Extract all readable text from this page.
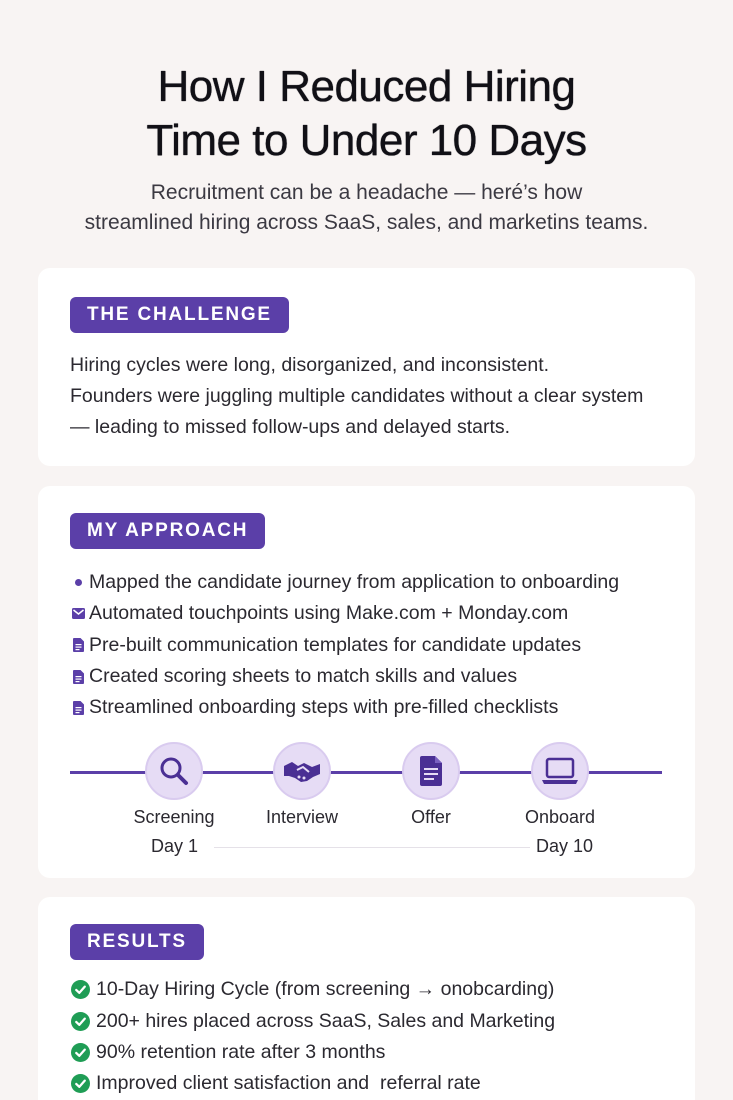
How I Reduced Hiring
Time to Under 10 Days
Recruitment can be a headache — heré’s how
streamlined hiring across SaaS, sales, and marketins teams.
THE CHALLENGE
Hiring cycles were long, disorganized, and inconsistent.
Founders were juggling multiple candidates without a clear system
— leading to missed follow-ups and delayed starts.
MY APPROACH
Mapped the candidate journey from application to onboarding
Automated touchpoints using Make.com + Monday.com
Pre-built communication templates for candidate updates
Created scoring sheets to match skills and values
Streamlined onboarding steps with pre-filled checklists
Screening	Interview	Offer	Onboard
Day 1	Day 10
RESULTS
10-Day Hiring Cycle (from screening → onobcarding)
200+ hires placed across SaaS, Sales and Marketing
90% retention rate after 3 months
Improved client satisfaction and  referral rate
